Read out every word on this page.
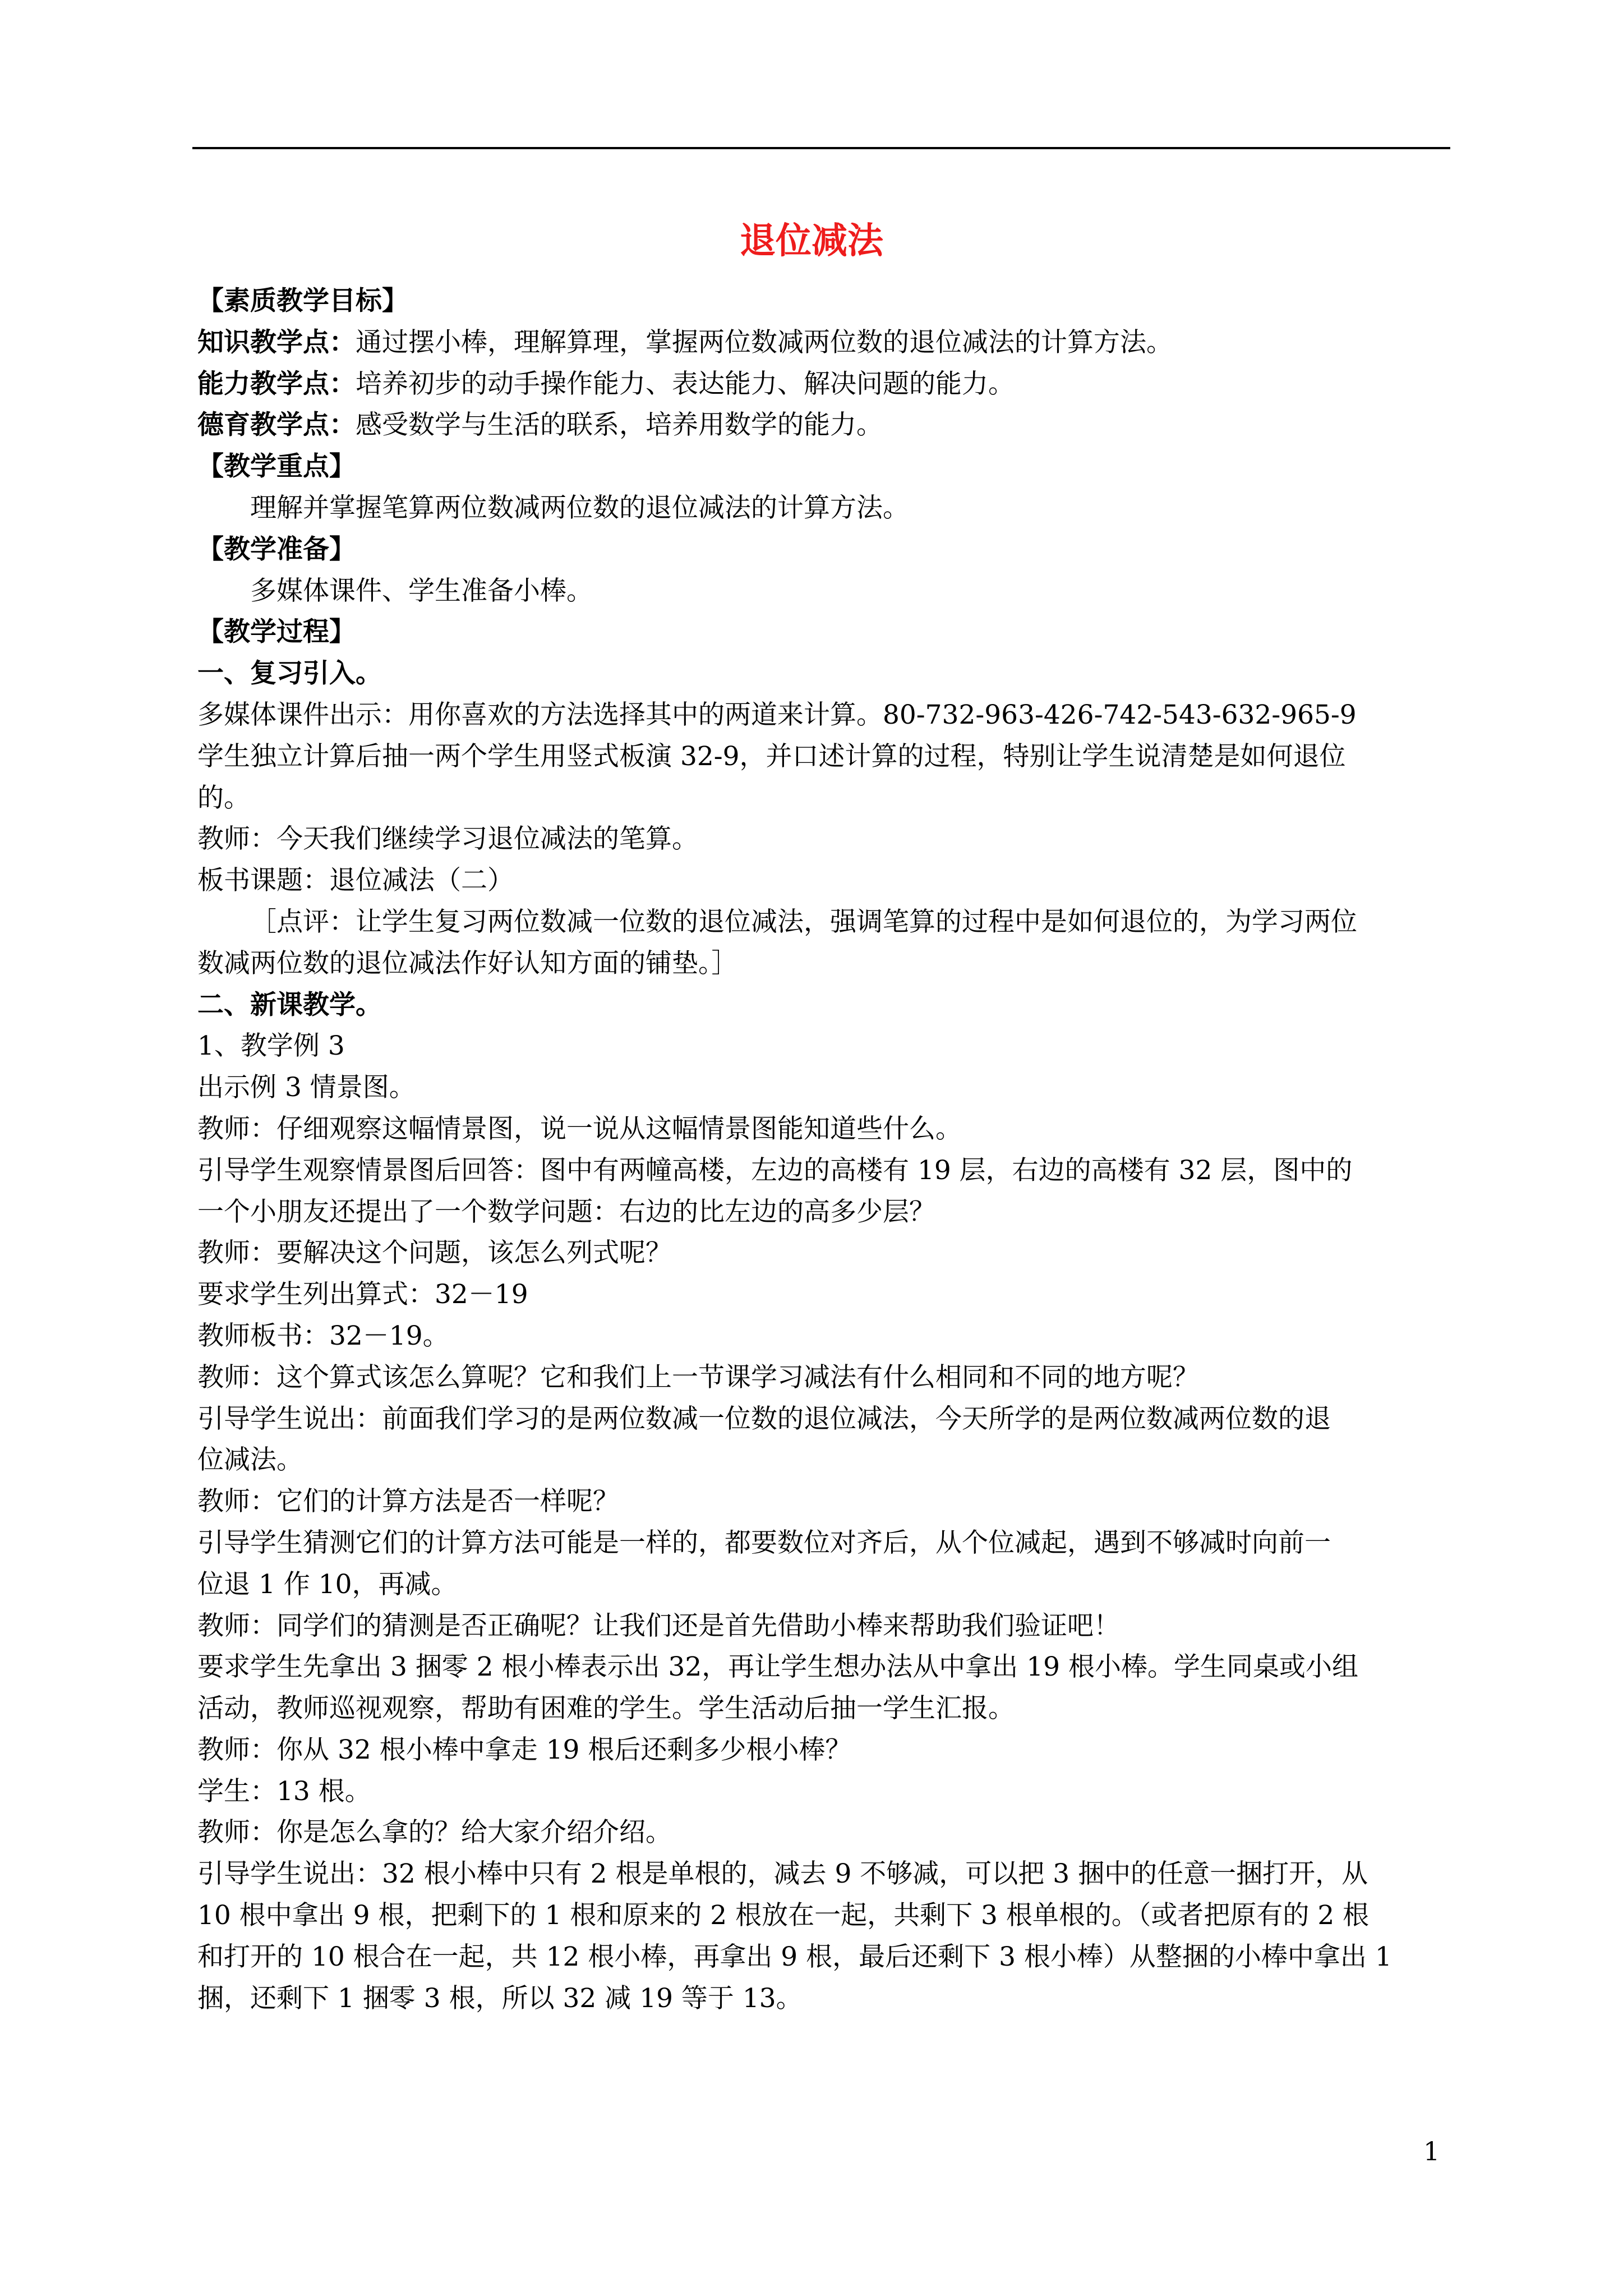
退位减法
【素质教学目标】
知识教学点：通过摆小棒，理解算理，掌握两位数减两位数的退位减法的计算方法。
能力教学点：培养初步的动手操作能力、表达能力、解决问题的能力。
德育教学点：感受数学与生活的联系，培养用数学的能力。
【教学重点】
理解并掌握笔算两位数减两位数的退位减法的计算方法。
【教学准备】
多媒体课件、学生准备小棒。
【教学过程】
一、复习引入。
多媒体课件出示：用你喜欢的方法选择其中的两道来计算。80-732-963-426-742-543-632-965-9
学生独立计算后抽一两个学生用竖式板演 32-9，并口述计算的过程，特别让学生说清楚是如何退位
的。
教师：今天我们继续学习退位减法的笔算。
板书课题：退位减法（二）
［点评：让学生复习两位数减一位数的退位减法，强调笔算的过程中是如何退位的，为学习两位
数减两位数的退位减法作好认知方面的铺垫。］
二、新课教学。
1、教学例 3
出示例 3 情景图。
教师：仔细观察这幅情景图，说一说从这幅情景图能知道些什么。
引导学生观察情景图后回答：图中有两幢高楼，左边的高楼有 19 层，右边的高楼有 32 层，图中的
一个小朋友还提出了一个数学问题：右边的比左边的高多少层？
教师：要解决这个问题，该怎么列式呢？
要求学生列出算式：32－19
教师板书：32－19。
教师：这个算式该怎么算呢？它和我们上一节课学习减法有什么相同和不同的地方呢？
引导学生说出：前面我们学习的是两位数减一位数的退位减法，今天所学的是两位数减两位数的退
位减法。
教师：它们的计算方法是否一样呢？
引导学生猜测它们的计算方法可能是一样的，都要数位对齐后，从个位减起，遇到不够减时向前一
位退 1 作 10，再减。
教师：同学们的猜测是否正确呢？让我们还是首先借助小棒来帮助我们验证吧！
要求学生先拿出 3 捆零 2 根小棒表示出 32，再让学生想办法从中拿出 19 根小棒。学生同桌或小组
活动，教师巡视观察，帮助有困难的学生。学生活动后抽一学生汇报。
教师：你从 32 根小棒中拿走 19 根后还剩多少根小棒？
学生：13 根。
教师：你是怎么拿的？给大家介绍介绍。
引导学生说出：32 根小棒中只有 2 根是单根的，减去 9 不够减，可以把 3 捆中的任意一捆打开，从
10 根中拿出 9 根，把剩下的 1 根和原来的 2 根放在一起，共剩下 3 根单根的。（或者把原有的 2 根
和打开的 10 根合在一起，共 12 根小棒，再拿出 9 根，最后还剩下 3 根小棒）从整捆的小棒中拿出 1
捆，还剩下 1 捆零 3 根，所以 32 减 19 等于 13。
1
